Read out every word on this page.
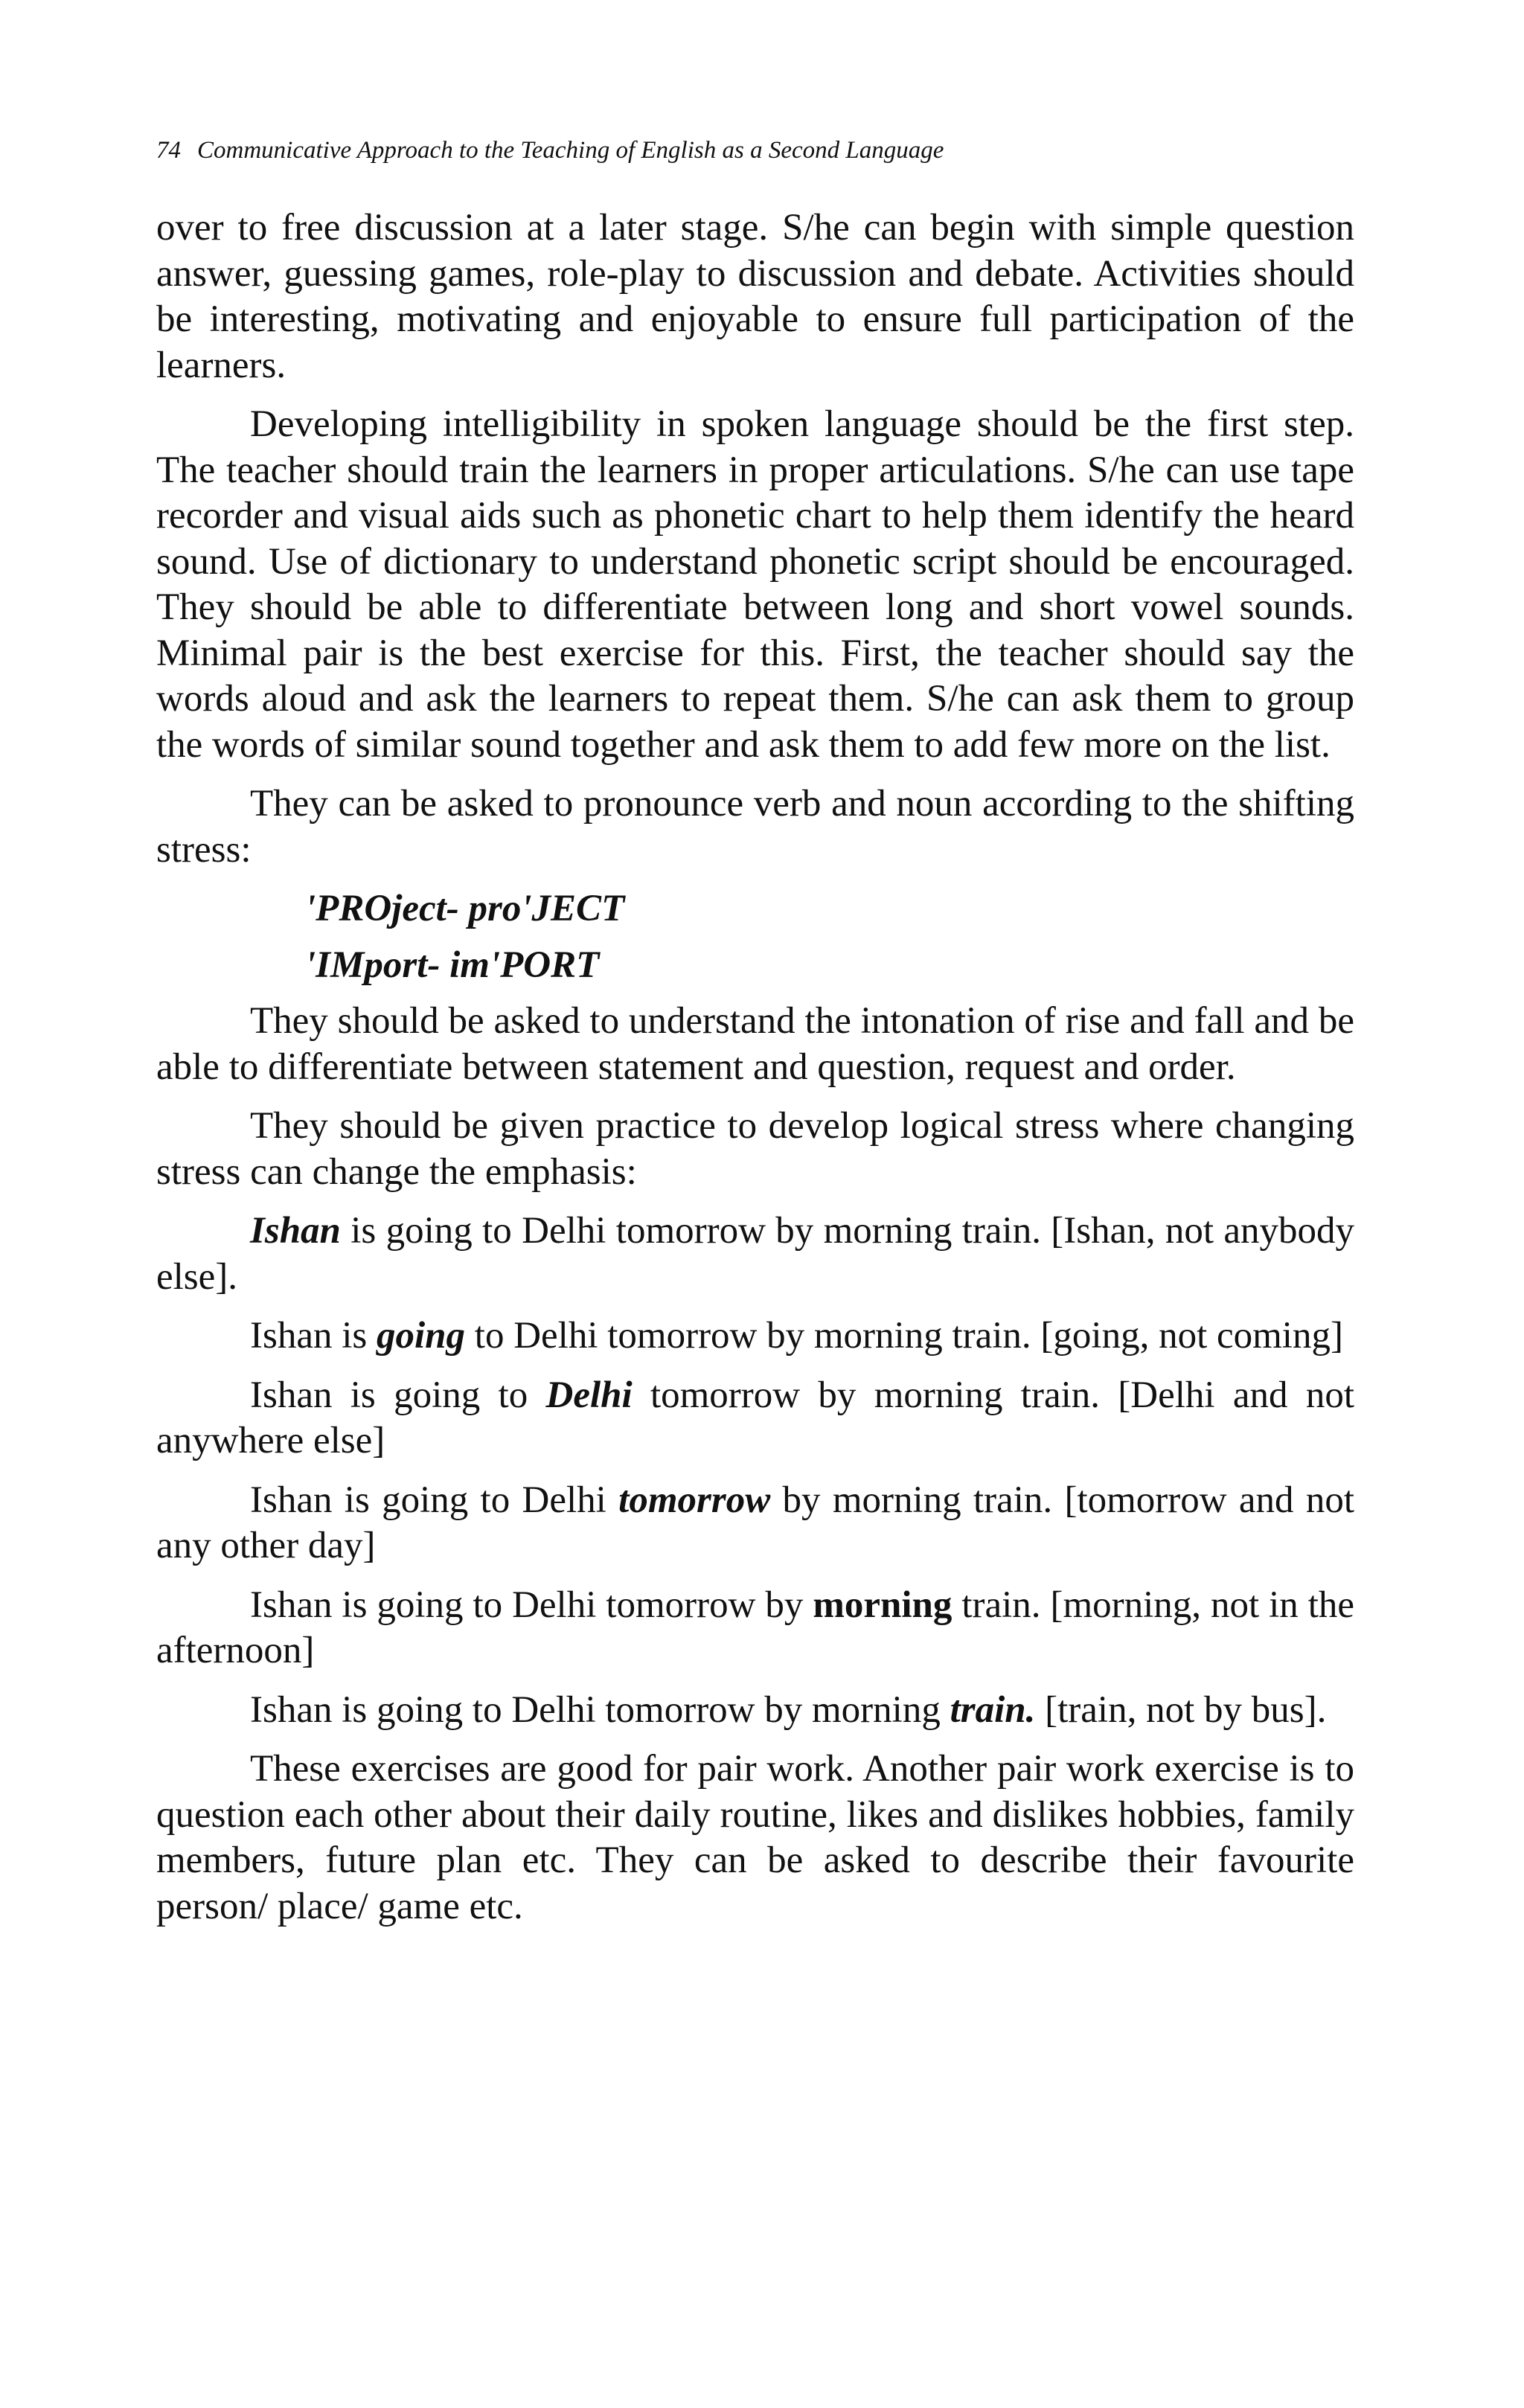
74 Communicative Approach to the Teaching of English as a Second Language

over to free discussion at a later stage. S/he can begin with simple question answer, guessing games, role-play to discussion and debate. Activities should be interesting, motivating and enjoyable to ensure full participation of the learners.

Developing intelligibility in spoken language should be the first step. The teacher should train the learners in proper articulations. S/he can use tape recorder and visual aids such as phonetic chart to help them identify the heard sound. Use of dictionary to understand phonetic script should be encouraged. They should be able to differentiate between long and short vowel sounds. Minimal pair is the best exercise for this. First, the teacher should say the words aloud and ask the learners to repeat them. S/he can ask them to group the words of similar sound together and ask them to add few more on the list.

They can be asked to pronounce verb and noun according to the shifting stress:

'PROject- pro'JECT
'IMport- im'PORT

They should be asked to understand the intonation of rise and fall and be able to differentiate between statement and question, request and order.

They should be given practice to develop logical stress where changing stress can change the emphasis:

Ishan is going to Delhi tomorrow by morning train. [Ishan, not anybody else].

Ishan is going to Delhi tomorrow by morning train. [going, not coming]

Ishan is going to Delhi tomorrow by morning train. [Delhi and not anywhere else]

Ishan is going to Delhi tomorrow by morning train. [tomorrow and not any other day]

Ishan is going to Delhi tomorrow by morning train. [morning, not in the afternoon]

Ishan is going to Delhi tomorrow by morning train. [train, not by bus].

These exercises are good for pair work. Another pair work exercise is to question each other about their daily routine, likes and dislikes hobbies, family members, future plan etc. They can be asked to describe their favourite person/ place/ game etc.
